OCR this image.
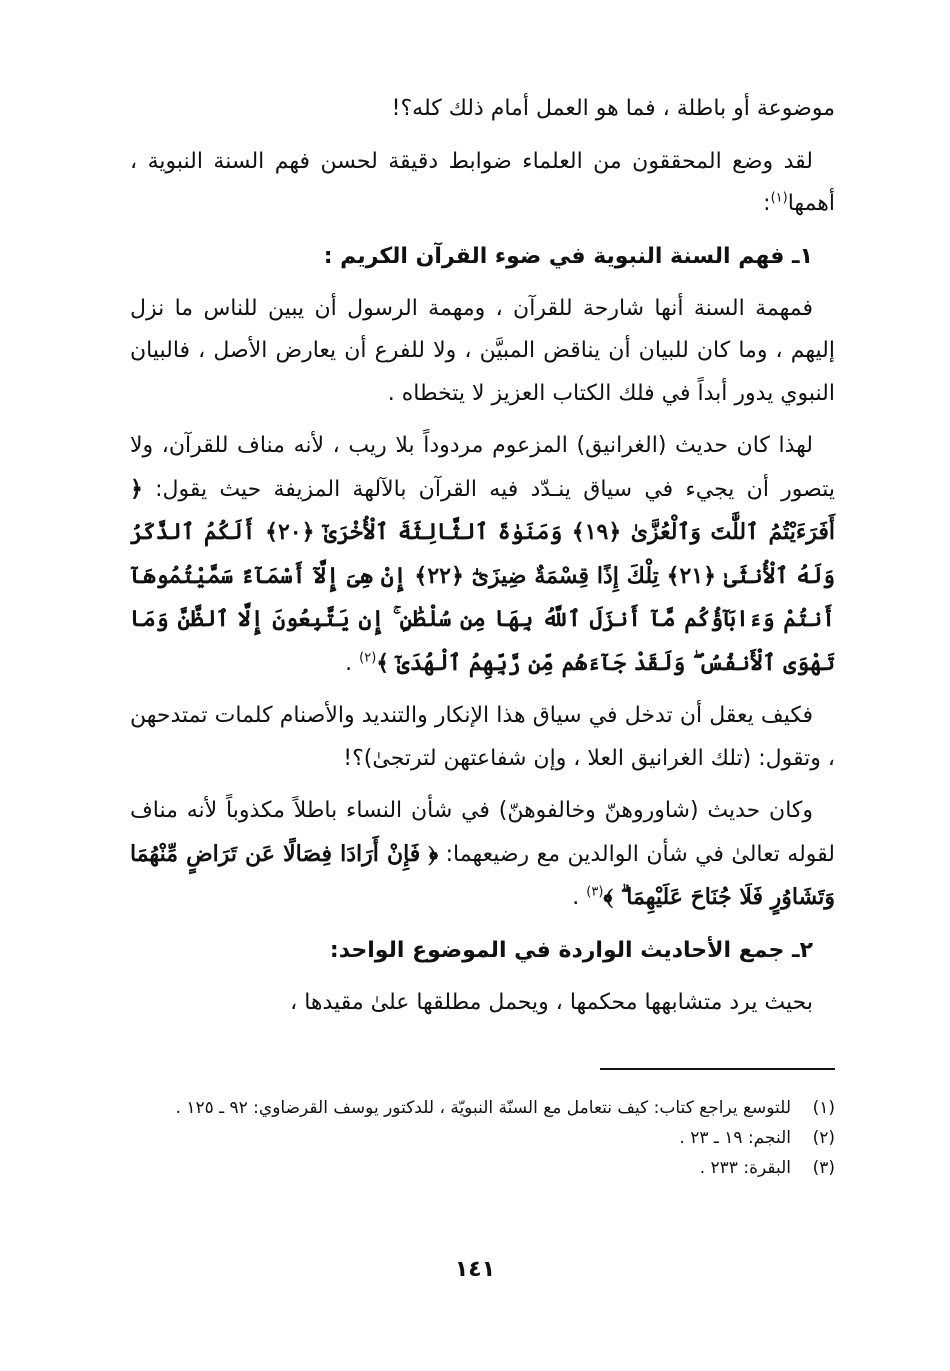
موضوعة أو باطلة ، فما هو العمل أمام ذلك كله؟!

لقد وضع المحققون من العلماء ضوابط دقيقة لحسن فهم السنة النبوية ، أهمها$^{(١)}$:

١ـ فهم السنة النبوية في ضوء القرآن الكريم :

فمهمة السنة أنها شارحة للقرآن ، ومهمة الرسول أن يبين للناس ما نزل إليهم ، وما كان للبيان أن يناقض المبيَّن ، ولا للفرع أن يعارض الأصل ، فالبيان النبوي يدور أبداً في فلك الكتاب العزيز لا يتخطاه .

لهذا كان حديث (الغرانيق) المزعوم مردوداً بلا ريب ، لأنه مناف للقرآن، ولا يتصور أن يجيء في سياق ينـدّد فيه القرآن بالآلهة المزيفة حيث يقول: ﴿ أَفَرَءَيْتُمُ ٱللَّٰتَ وَٱلْعُزَّىٰ ﴿١٩﴾ وَمَنَوٰةَ ٱلثَّالِثَةَ ٱلْأُخْرَىٰٓ ﴿٢٠﴾ أَلَكُمُ ٱلذَّكَرُ وَلَهُ ٱلْأُنثَىٰ ﴿٢١﴾ تِلْكَ إِذًا قِسْمَةٌ ضِيزَىٰٓ ﴿٢٢﴾ إِنْ هِىَ إِلَّآ أَسْمَآءٌ سَمَّيْتُمُوهَآ أَنتُمْ وَءَابَآؤُكُم مَّآ أَنزَلَ ٱللَّهُ بِهَا مِن سُلْطَٰنٍ ۚ إِن يَتَّبِعُونَ إِلَّا ٱلظَّنَّ وَمَا تَهْوَى ٱلْأَنفُسُ ۖ وَلَقَدْ جَآءَهُم مِّن رَّبِّهِمُ ٱلْهُدَىٰٓ ﴾$^{(٢)}$ .

فكيف يعقل أن تدخل في سياق هذا الإنكار والتنديد والأصنام كلمات تمتدحهن ، وتقول: (تلك الغرانيق العلا ، وإن شفاعتهن لترتجىٰ)؟!

وكان حديث (شاوروهنّ وخالفوهنّ) في شأن النساء باطلاً مكذوباً لأنه مناف لقوله تعالىٰ في شأن الوالدين مع رضيعهما: ﴿ فَإِنْ أَرَادَا فِصَالًا عَن تَرَاضٍ مِّنْهُمَا وَتَشَاوُرٍ فَلَا جُنَاحَ عَلَيْهِمَا ۗ ﴾$^{(٣)}$ .

٢ـ جمع الأحاديث الواردة في الموضوع الواحد:

بحيث يرد متشابهها محكمها ، ويحمل مطلقها علىٰ مقيدها ،

(١)
للتوسع يراجع كتاب: كيف نتعامل مع السنّة النبويّة ، للدكتور يوسف القرضاوي: ٩٢ ـ ١٢٥ .
(٢)
النجم: ١٩ ـ ٢٣ .
(٣)
البقرة: ٢٣٣ .
١٤١
